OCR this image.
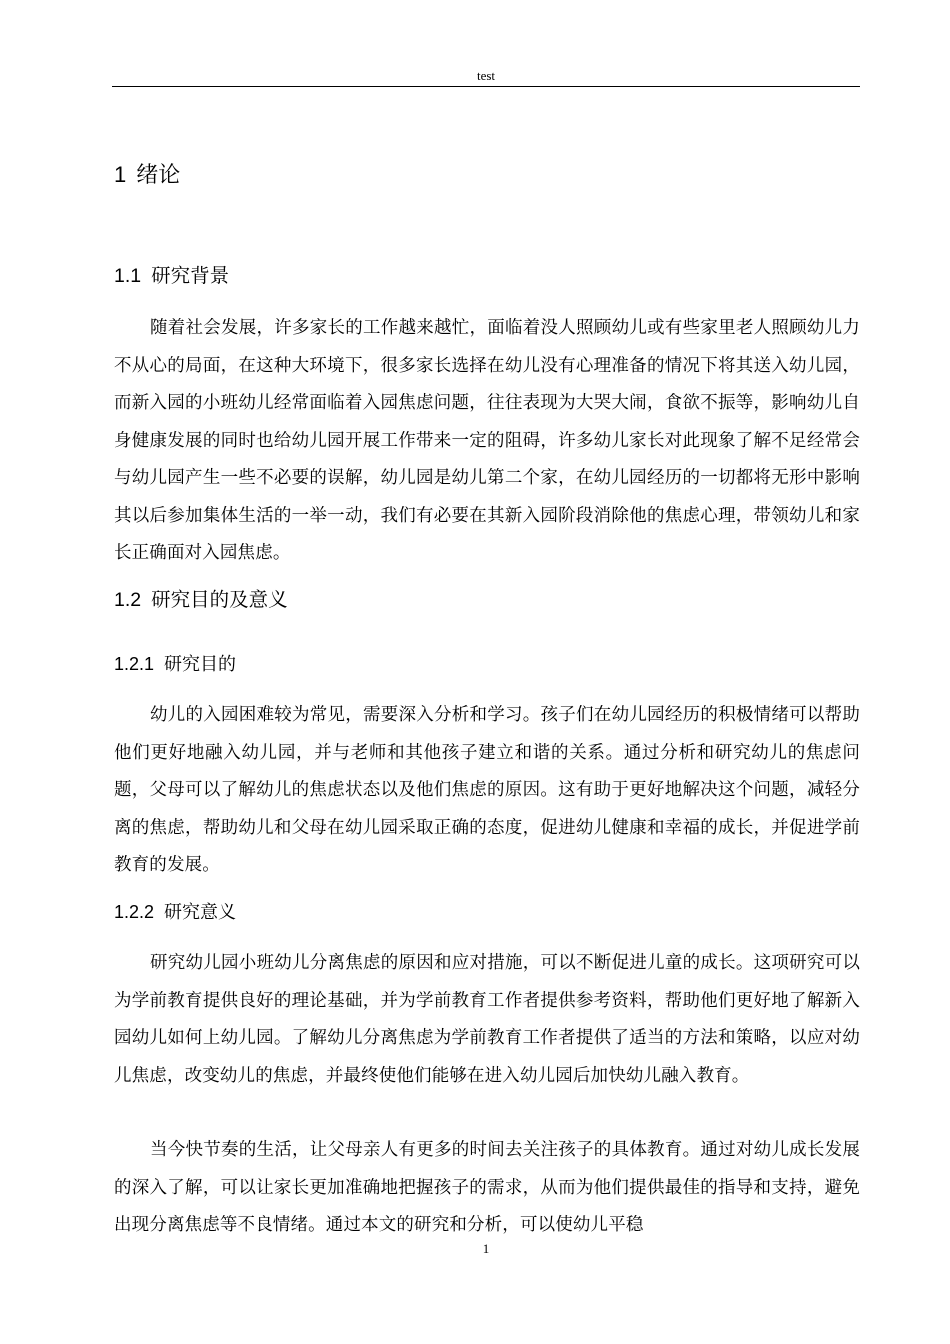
test
1 绪论
1.1 研究背景

随着社会发展，许多家长的工作越来越忙，面临着没人照顾幼儿或有些家里老人照顾幼儿力不从心的局面，在这种大环境下，很多家长选择在幼儿没有心理准备的情况下将其送入幼儿园，而新入园的小班幼儿经常面临着入园焦虑问题，往往表现为大哭大闹，食欲不振等，影响幼儿自身健康发展的同时也给幼儿园开展工作带来一定的阻碍，许多幼儿家长对此现象了解不足经常会与幼儿园产生一些不必要的误解，幼儿园是幼儿第二个家，在幼儿园经历的一切都将无形中影响其以后参加集体生活的一举一动，我们有必要在其新入园阶段消除他的焦虑心理，带领幼儿和家长正确面对入园焦虑。

1.2 研究目的及意义
1.2.1 研究目的

幼儿的入园困难较为常见，需要深入分析和学习。孩子们在幼儿园经历的积极情绪可以帮助他们更好地融入幼儿园，并与老师和其他孩子建立和谐的关系。通过分析和研究幼儿的焦虑问题，父母可以了解幼儿的焦虑状态以及他们焦虑的原因。这有助于更好地解决这个问题，减轻分离的焦虑，帮助幼儿和父母在幼儿园采取正确的态度，促进幼儿健康和幸福的成长，并促进学前教育的发展。

1.2.2 研究意义

研究幼儿园小班幼儿分离焦虑的原因和应对措施，可以不断促进儿童的成长。这项研究可以为学前教育提供良好的理论基础，并为学前教育工作者提供参考资料，帮助他们更好地了解新入园幼儿如何上幼儿园。了解幼儿分离焦虑为学前教育工作者提供了适当的方法和策略，以应对幼儿焦虑，改变幼儿的焦虑，并最终使他们能够在进入幼儿园后加快幼儿融入教育。

当今快节奏的生活，让父母亲人有更多的时间去关注孩子的具体教育。通过对幼儿成长发展的深入了解，可以让家长更加准确地把握孩子的需求，从而为他们提供最佳的指导和支持，避免出现分离焦虑等不良情绪。通过本文的研究和分析，可以使幼儿平稳

1
